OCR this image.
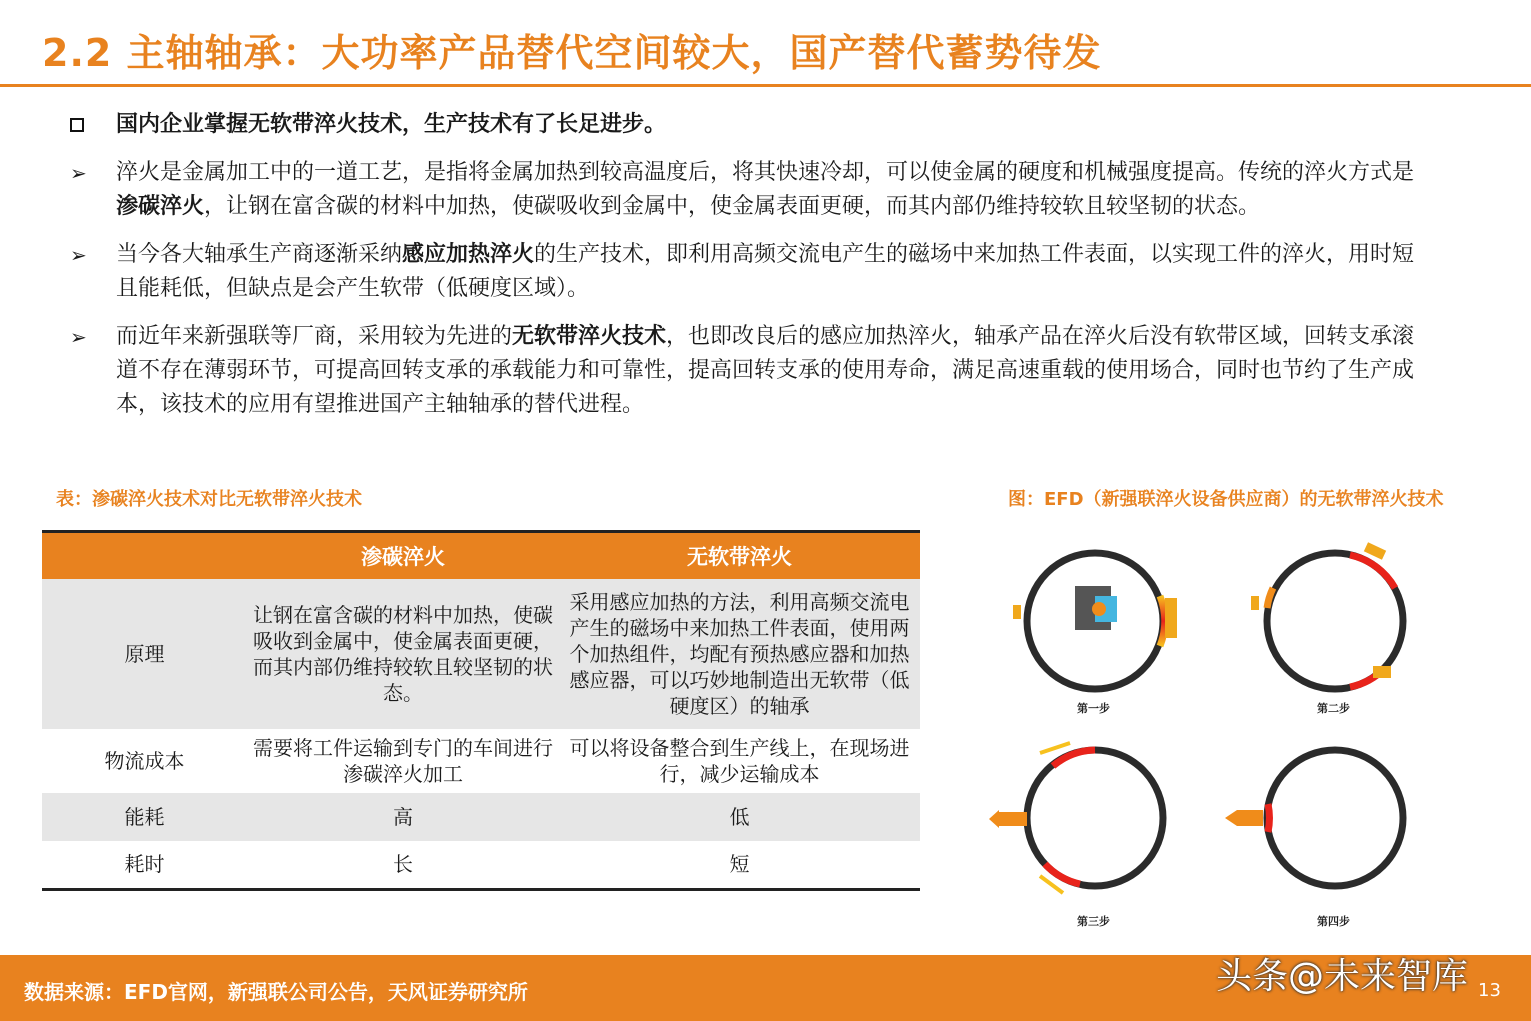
2.2 主轴轴承：大功率产品替代空间较大，国产替代蓄势待发
国内企业掌握无软带淬火技术，生产技术有了长足进步。
➢	淬火是金属加工中的一道工艺，是指将金属加热到较高温度后，将其快速冷却，可以使金属的硬度和机械强度提高。传统的淬火方式是渗碳淬火，让钢在富含碳的材料中加热，使碳吸收到金属中，使金属表面更硬，而其内部仍维持较软且较坚韧的状态。
➢	当今各大轴承生产商逐渐采纳感应加热淬火的生产技术，即利用高频交流电产生的磁场中来加热工件表面，以实现工件的淬火，用时短且能耗低，但缺点是会产生软带（低硬度区域）。
➢	而近年来新强联等厂商，采用较为先进的无软带淬火技术，也即改良后的感应加热淬火，轴承产品在淬火后没有软带区域，回转支承滚道不存在薄弱环节，可提高回转支承的承载能力和可靠性，提高回转支承的使用寿命，满足高速重载的使用场合，同时也节约了生产成本，该技术的应用有望推进国产主轴轴承的替代进程。
表：渗碳淬火技术对比无软带淬火技术	图：EFD（新强联淬火设备供应商）的无软带淬火技术
	渗碳淬火	无软带淬火
原理	让钢在富含碳的材料中加热，使碳吸收到金属中，使金属表面更硬，而其内部仍维持较软且较坚韧的状态。	采用感应加热的方法，利用高频交流电产生的磁场中来加热工件表面，使用两个加热组件，均配有预热感应器和加热感应器，可以巧妙地制造出无软带（低硬度区）的轴承
物流成本	需要将工件运输到专门的车间进行渗碳淬火加工	可以将设备整合到生产线上，在现场进行，减少运输成本
能耗	高	低
耗时	长	短
第一步	第二步
第三步	第四步
数据来源：EFD官网，新强联公司公告，天风证券研究所	头条@未来智库 13
